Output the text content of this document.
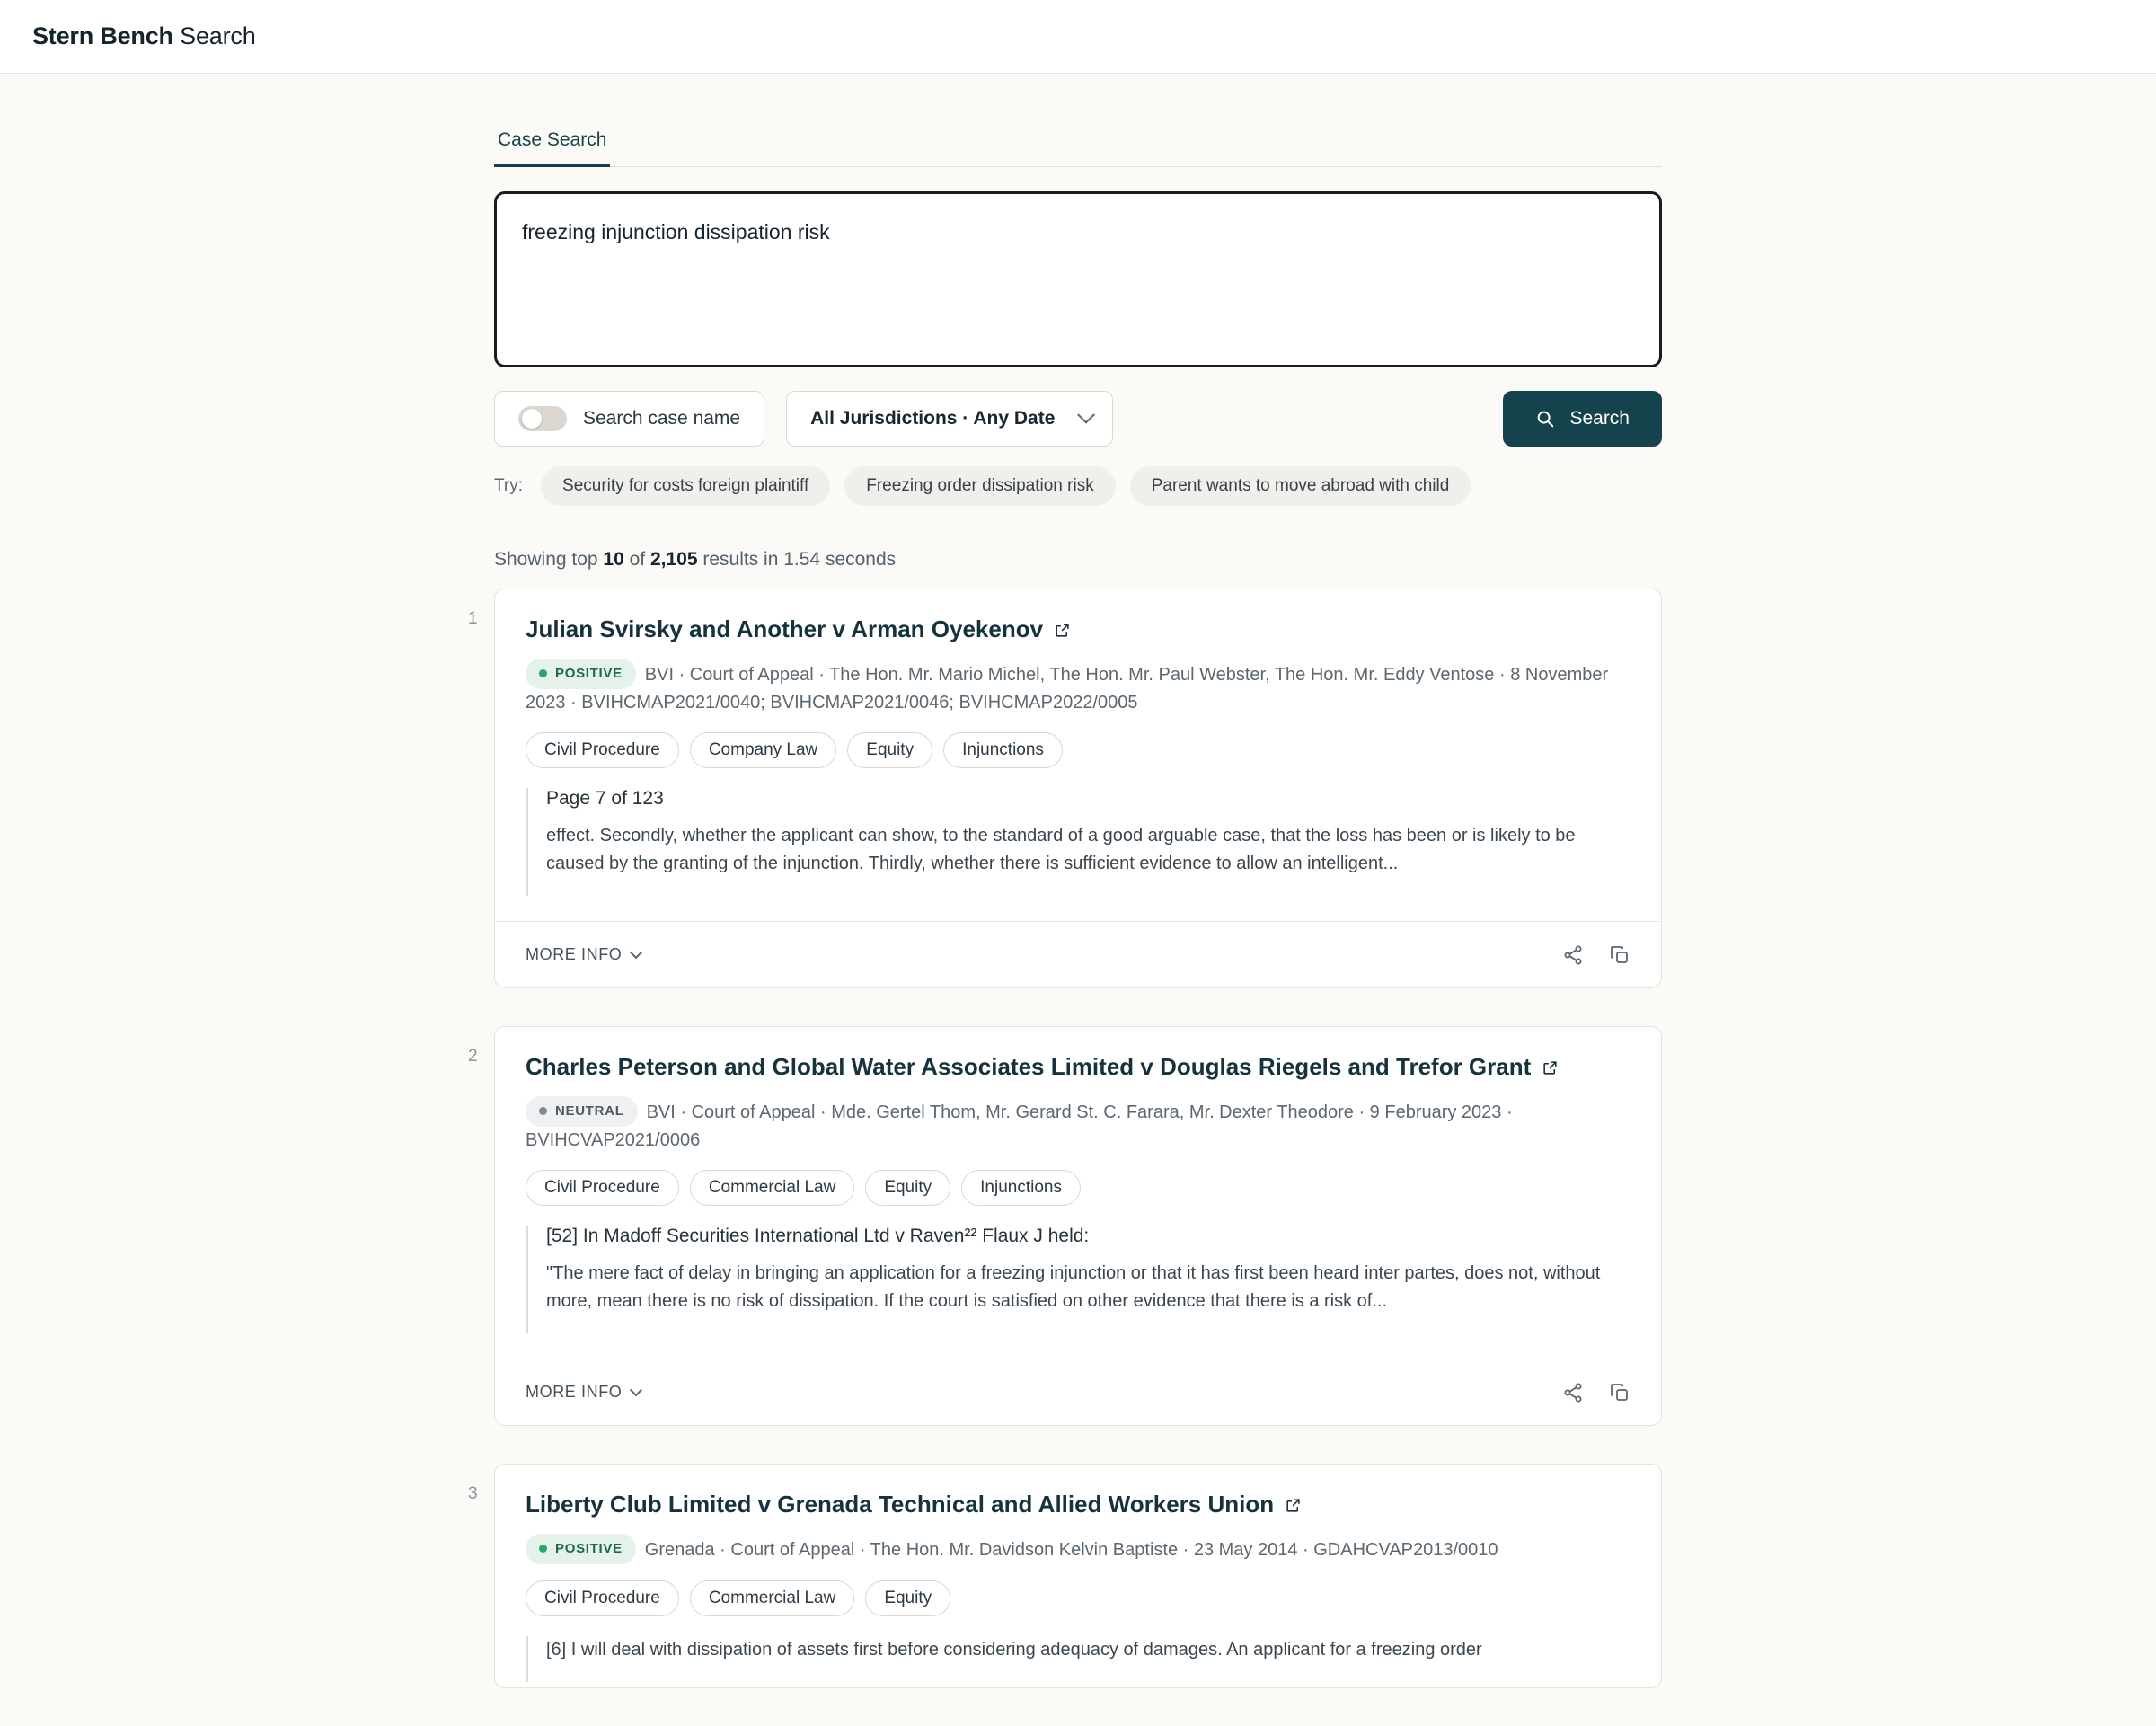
Stern Bench Search
Case Search
freezing injunction dissipation risk
Search case name	All Jurisdictions · Any Date	Search
Try:	Security for costs foreign plaintiff	Freezing order dissipation risk	Parent wants to move abroad with child
Showing top 10 of 2,105 results in 1.54 seconds
1 Julian Svirsky and Another v Arman Oyekenov
POSITIVE BVI · Court of Appeal · The Hon. Mr. Mario Michel, The Hon. Mr. Paul Webster, The Hon. Mr. Eddy Ventose · 8 November 2023 · BVIHCMAP2021/0040; BVIHCMAP2021/0046; BVIHCMAP2022/0005
Civil Procedure	Company Law	Equity	Injunctions
Page 7 of 123

effect. Secondly, whether the applicant can show, to the standard of a good arguable case, that the loss has been or is likely to be caused by the granting of the injunction. Thirdly, whether there is sufficient evidence to allow an intelligent...

MORE INFO
2 Charles Peterson and Global Water Associates Limited v Douglas Riegels and Trefor Grant
NEUTRAL BVI · Court of Appeal · Mde. Gertel Thom, Mr. Gerard St. C. Farara, Mr. Dexter Theodore · 9 February 2023 · BVIHCVAP2021/0006
Civil Procedure	Commercial Law	Equity	Injunctions
[52] In Madoff Securities International Ltd v Raven²² Flaux J held:

"The mere fact of delay in bringing an application for a freezing injunction or that it has first been heard inter partes, does not, without more, mean there is no risk of dissipation. If the court is satisfied on other evidence that there is a risk of...

MORE INFO
3 Liberty Club Limited v Grenada Technical and Allied Workers Union
POSITIVE Grenada · Court of Appeal · The Hon. Mr. Davidson Kelvin Baptiste · 23 May 2014 · GDAHCVAP2013/0010
Civil Procedure	Commercial Law	Equity

[6] I will deal with dissipation of assets first before considering adequacy of damages. An applicant for a freezing order
